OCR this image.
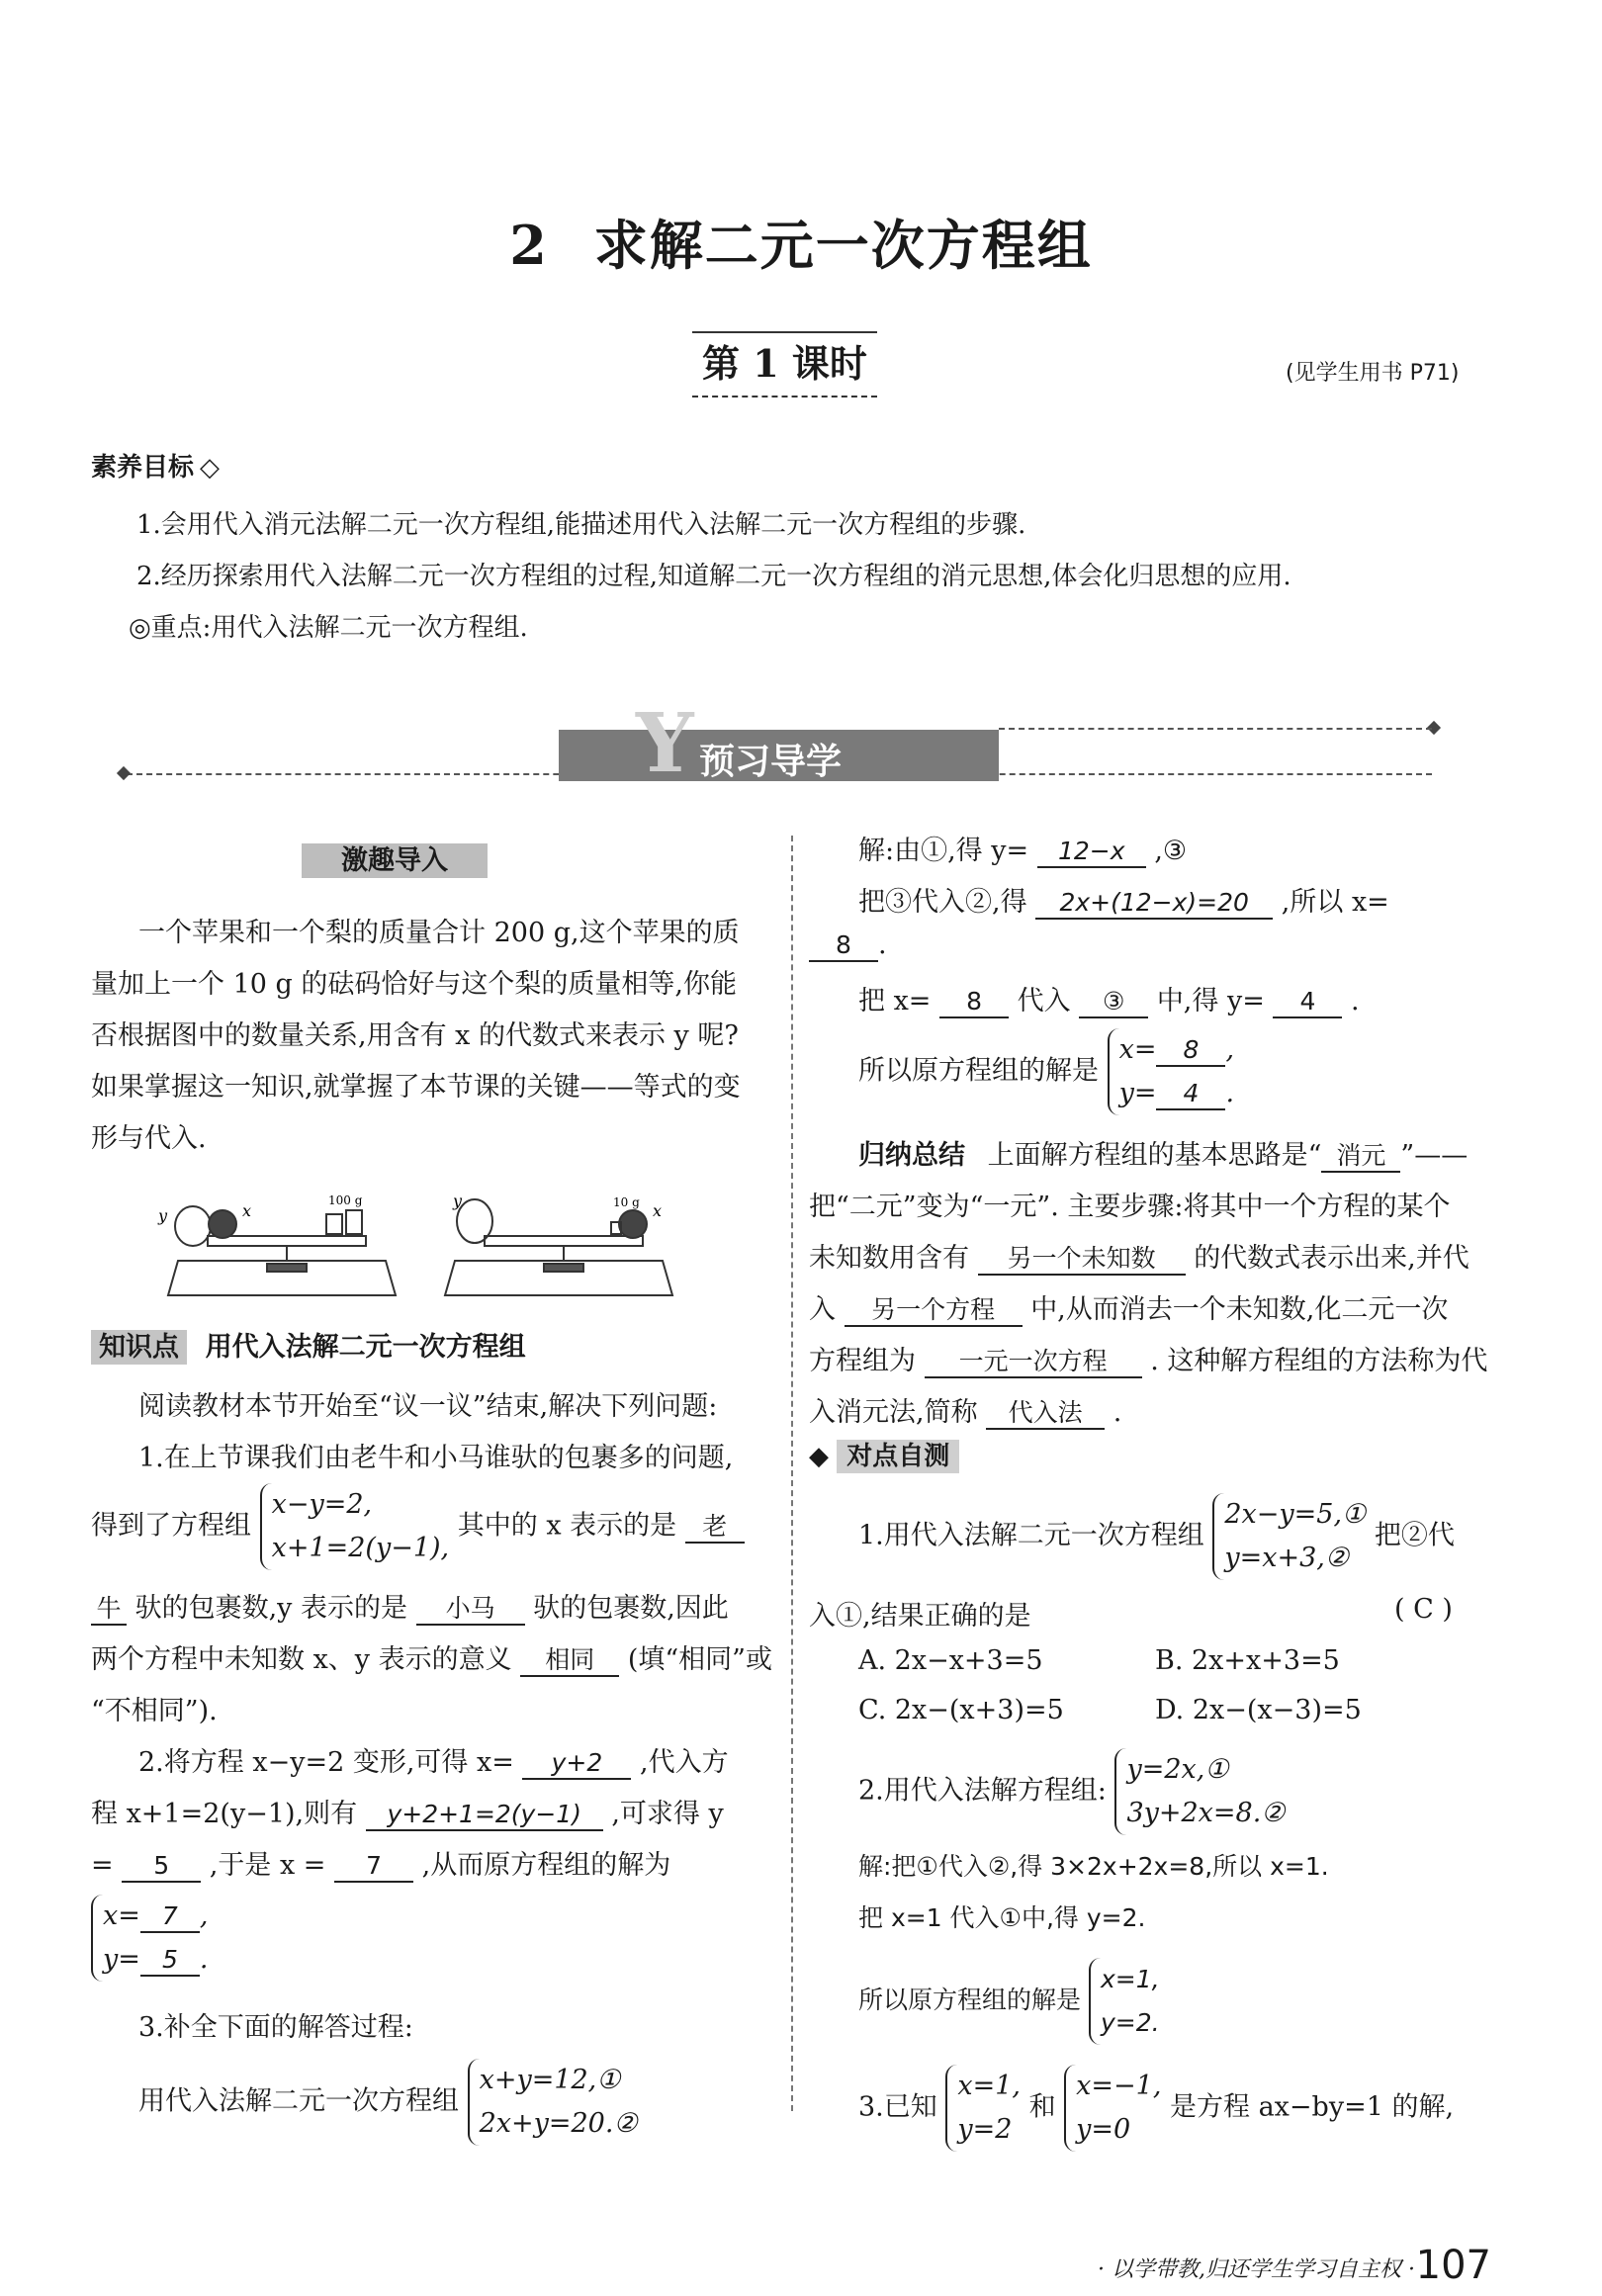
2 求解二元一次方程组
第 1 课时	(见学生用书 P71)
素养目标 ◇
1.会用代入消元法解二元一次方程组,能描述用代入法解二元一次方程组的步骤.
2.经历探索用代入法解二元一次方程组的过程,知道解二元一次方程组的消元思想,体会化归思想的应用.
◎重点:用代入法解二元一次方程组.
Y 预习导学
激趣导入
一个苹果和一个梨的质量合计 200 g,这个苹果的质
量加上一个 10 g 的砝码恰好与这个梨的质量相等,你能
否根据图中的数量关系,用含有 x 的代数式来表示 y 呢?
如果掌握这一知识,就掌握了本节课的关键——等式的变
形与代入.
y	x
100 g	y
x
10 g
知识点 用代入法解二元一次方程组
阅读教材本节开始至“议一议”结束,解决下列问题:
1.在上节课我们由老牛和小马谁驮的包裹多的问题,
得到了方程组 x−y=2,
x+1=2(y−1), 其中的 x 表示的是 老
牛 驮的包裹数,y 表示的是 小马 驮的包裹数,因此
两个方程中未知数 x、y 表示的意义 相同 (填“相同”或
“不相同”).
2.将方程 x−y=2 变形,可得 x= y+2 ,代入方
程 x+1=2(y−1),则有 y+2+1=2(y−1) ,可求得 y
= 5 ,于是 x = 7 ,从而原方程组的解为
x= 7 ,
y= 5 .
3.补全下面的解答过程:
用代入法解二元一次方程组 x+y=12,①
2x+y=20.②
解:由①,得 y= 12−x ,③
把③代入②,得 2x+(12−x)=20 ,所以 x=
8 .
把 x= 8 代入 ③ 中,得 y= 4 .
所以原方程组的解是 x= 8 ,
y= 4 .
归纳总结 上面解方程组的基本思路是“ 消元 ”——
把“二元”变为“一元”. 主要步骤:将其中一个方程的某个
未知数用含有 另一个未知数 的代数式表示出来,并代
入 另一个方程 中,从而消去一个未知数,化二元一次
方程组为 一元一次方程 . 这种解方程组的方法称为代
入消元法,简称 代入法 .
◆ 对点自测
1.用代入法解二元一次方程组 2x−y=5,①
y=x+3,② 把②代
入①,结果正确的是	( C )
A. 2x−x+3=5	B. 2x+x+3=5
C. 2x−(x+3)=5	D. 2x−(x−3)=5
2.用代入法解方程组: y=2x,①
3y+2x=8.②
解:把①代入②,得 3×2x+2x=8,所以 x=1.
把 x=1 代入①中,得 y=2.
所以原方程组的解是 x=1,
y=2.
3.已知 x=1,
y=2 和 x=−1,
y=0 是方程 ax−by=1 的解,
· 以学带教,归还学生学习自主权 · 107
